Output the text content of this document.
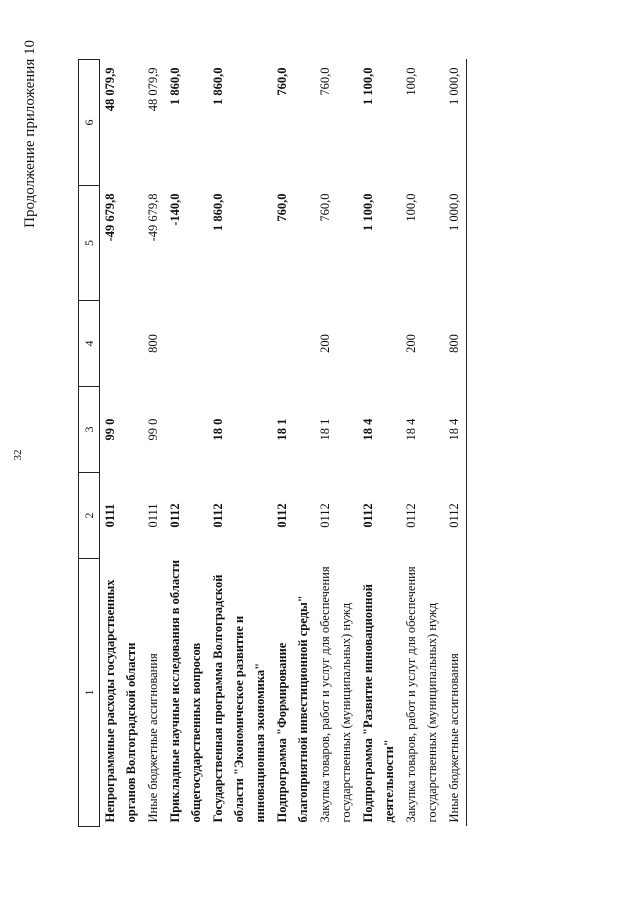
32
Продолжение приложения 10
1	2	3	4	5	6
Непрограммные расходы государственных органов Волгоградской области	0111	99 0		-49 679,8	48 079,9
Иные бюджетные ассигнования	0111	99 0	800	-49 679,8	48 079,9
Прикладные научные исследования в области общегосударственных вопросов	0112			-140,0	1 860,0
Государственная программа Волгоградской области "Экономическое развитие и инновационная экономика"	0112	18 0		1 860,0	1 860,0
Подпрограмма "Формирование благоприятной инвестиционной среды"	0112	18 1		760,0	760,0
Закупка товаров, работ и услуг для обеспечения государственных (муниципальных) нужд	0112	18 1	200	760,0	760,0
Подпрограмма "Развитие инновационной деятельности"	0112	18 4		1 100,0	1 100,0
Закупка товаров, работ и услуг для обеспечения государственных (муниципальных) нужд	0112	18 4	200	100,0	100,0
Иные бюджетные ассигнования	0112	18 4	800	1 000,0	1 000,0
